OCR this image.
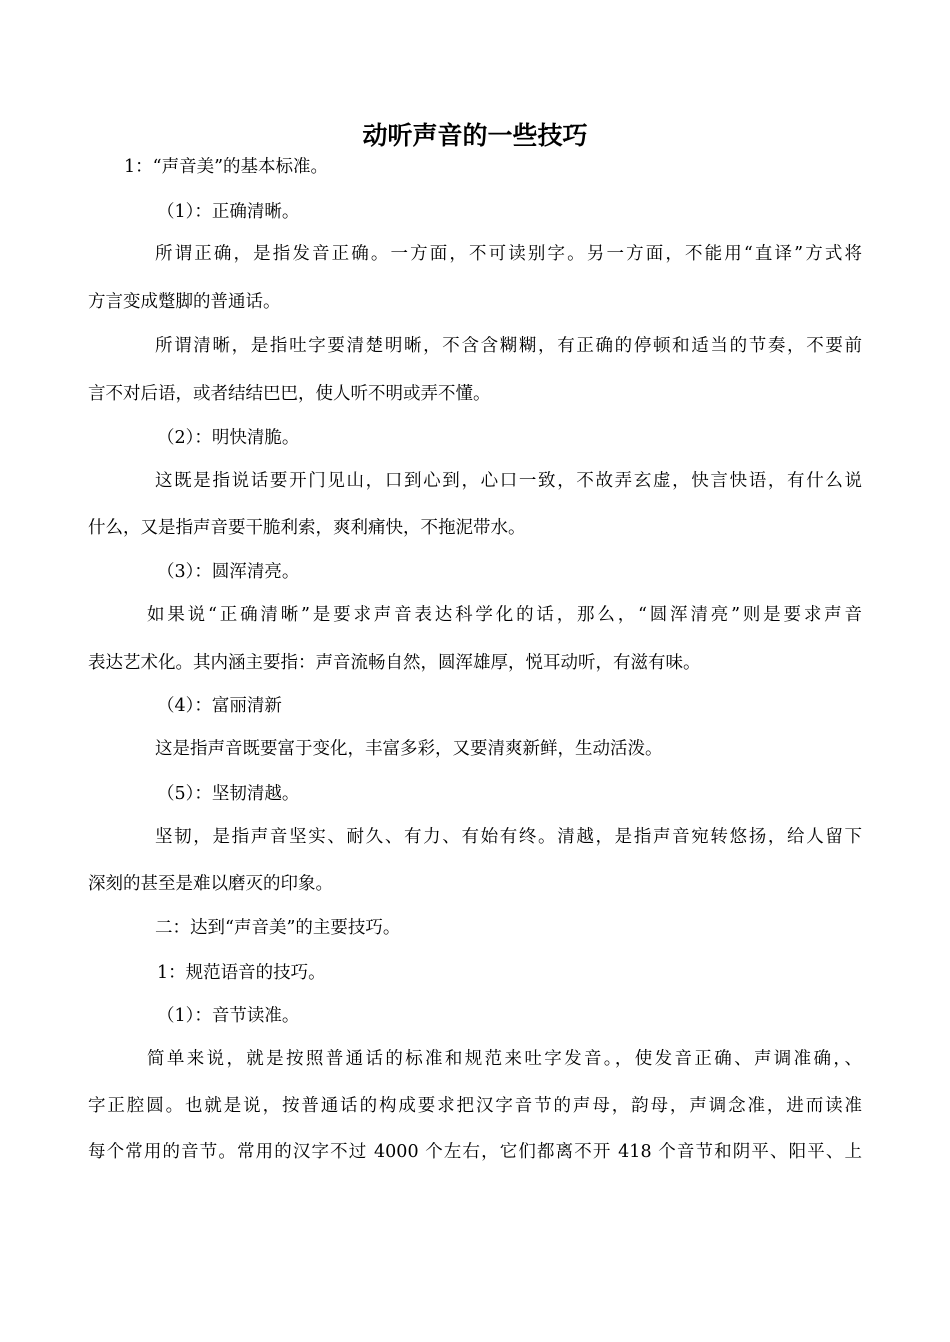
动听声音的一些技巧

1：“声音美”的基本标准。

（1）：正确清晰。

所谓正确，是指发音正确。一方面，不可读别字。另一方面，不能用“直译”方式将

方言变成蹩脚的普通话。

所谓清晰，是指吐字要清楚明晰，不含含糊糊，有正确的停顿和适当的节奏，不要前

言不对后语，或者结结巴巴，使人听不明或弄不懂。

（2）：明快清脆。

这既是指说话要开门见山，口到心到，心口一致，不故弄玄虚，快言快语，有什么说

什么，又是指声音要干脆利索，爽利痛快，不拖泥带水。

（3）：圆浑清亮。

如果说“正确清晰”是要求声音表达科学化的话，那么，“圆浑清亮”则是要求声音

表达艺术化。其内涵主要指：声音流畅自然，圆浑雄厚，悦耳动听，有滋有味。

（4）：富丽清新

这是指声音既要富于变化，丰富多彩，又要清爽新鲜，生动活泼。

（5）：坚韧清越。

坚韧，是指声音坚实、耐久、有力、有始有终。清越，是指声音宛转悠扬，给人留下

深刻的甚至是难以磨灭的印象。

二：达到“声音美”的主要技巧。

1：规范语音的技巧。

（1）：音节读准。

简单来说，就是按照普通话的标准和规范来吐字发音。，使发音正确、声调准确，、

字正腔圆。也就是说，按普通话的构成要求把汉字音节的声母，韵母，声调念准，进而读准

每个常用的音节。常用的汉字不过 4000 个左右，它们都离不开 418 个音节和阴平、阳平、上
